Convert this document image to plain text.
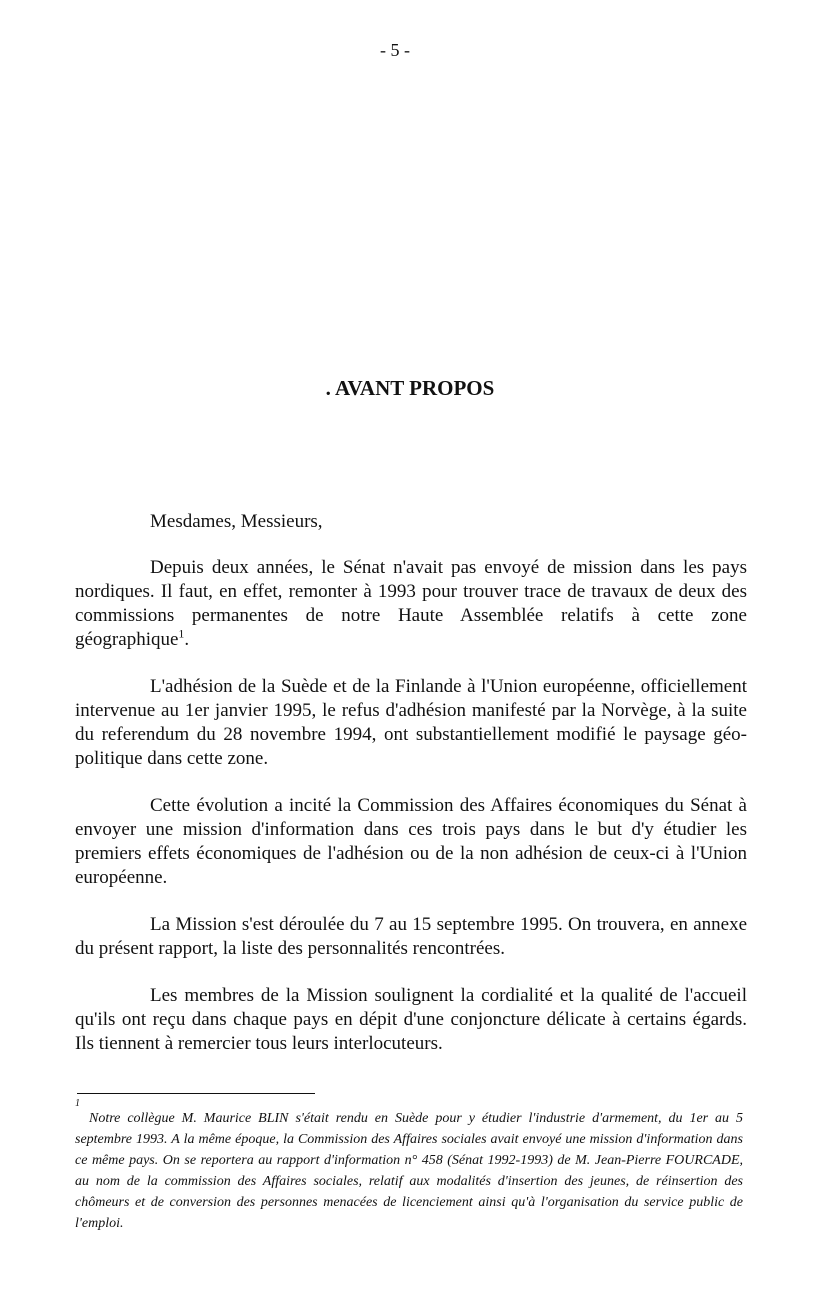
- 5 -
. AVANT PROPOS

Mesdames, Messieurs,

Depuis deux années, le Sénat n'avait pas envoyé de mission dans les pays nordiques. Il faut, en effet, remonter à 1993 pour trouver trace de travaux de deux des commissions permanentes de notre Haute Assemblée relatifs à cette zone géographique$^1$.

L'adhésion de la Suède et de la Finlande à l'Union européenne, officiellement intervenue au 1er janvier 1995, le refus d'adhésion manifesté par la Norvège, à la suite du referendum du 28 novembre 1994, ont substantiellement modifié le paysage géo-politique dans cette zone.

Cette évolution a incité la Commission des Affaires économiques du Sénat à envoyer une mission d'information dans ces trois pays dans le but d'y étudier les premiers effets économiques de l'adhésion ou de la non adhésion de ceux-ci à l'Union européenne.

La Mission s'est déroulée du 7 au 15 septembre 1995. On trouvera, en annexe du présent rapport, la liste des personnalités rencontrées.

Les membres de la Mission soulignent la cordialité et la qualité de l'accueil qu'ils ont reçu dans chaque pays en dépit d'une conjoncture délicate à certains égards. Ils tiennent à remercier tous leurs interlocuteurs.

1
Notre collègue M. Maurice BLIN s'était rendu en Suède pour y étudier l'industrie d'armement, du 1er au 5 septembre 1993. A la même époque, la Commission des Affaires sociales avait envoyé une mission d'information dans ce même pays. On se reportera au rapport d'information n° 458 (Sénat 1992-1993) de M. Jean-Pierre FOURCADE, au nom de la commission des Affaires sociales, relatif aux modalités d'insertion des jeunes, de réinsertion des chômeurs et de conversion des personnes menacées de licenciement ainsi qu'à l'organisation du service public de l'emploi.
